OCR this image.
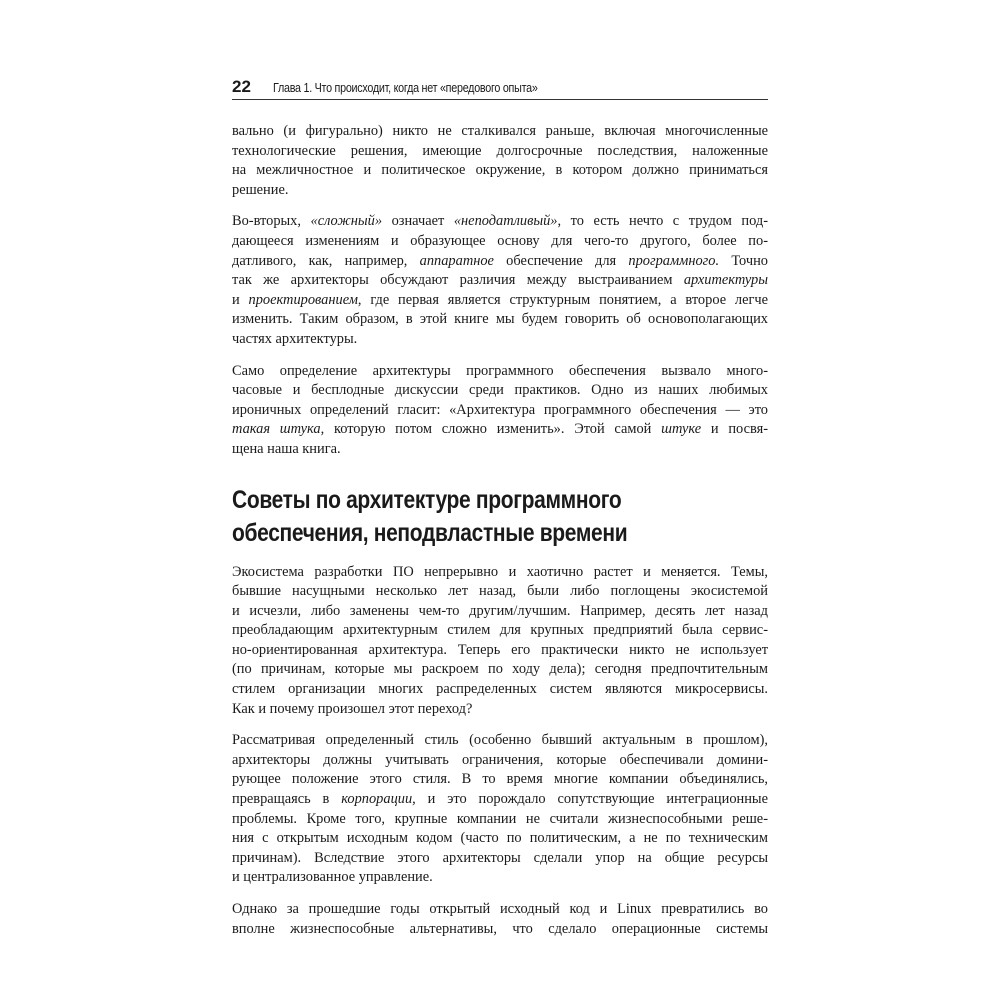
22 Глава 1. Что происходит, когда нет «передового опыта»

вально (и фигурально) никто не сталкивался раньше, включая многочисленные
технологические решения, имеющие долгосрочные последствия, наложенные
на межличностное и политическое окружение, в котором должно приниматься
решение.

Во-вторых, «сложный» означает «неподатливый», то есть нечто с трудом под-
дающееся изменениям и образующее основу для чего-то другого, более по-
датливого, как, например, аппаратное обеспечение для программного. Точно
так же архитекторы обсуждают различия между выстраиванием архитектуры
и проектированием, где первая является структурным понятием, а второе легче
изменить. Таким образом, в этой книге мы будем говорить об основополагающих
частях архитектуры.

Само определение архитектуры программного обеспечения вызвало много-
часовые и бесплодные дискуссии среди практиков. Одно из наших любимых
ироничных определений гласит: «Архитектура программного обеспечения — это
такая штука, которую потом сложно изменить». Этой самой штуке и посвя-
щена наша книга.

Советы по архитектуре программного
обеспечения, неподвластные времени

Экосистема разработки ПО непрерывно и хаотично растет и меняется. Темы,
бывшие насущными несколько лет назад, были либо поглощены экосистемой
и исчезли, либо заменены чем-то другим/лучшим. Например, десять лет назад
преобладающим архитектурным стилем для крупных предприятий была сервис-
но-ориентированная архитектура. Теперь его практически никто не использует
(по причинам, которые мы раскроем по ходу дела); сегодня предпочтительным
стилем организации многих распределенных систем являются микросервисы.
Как и почему произошел этот переход?

Рассматривая определенный стиль (особенно бывший актуальным в прошлом),
архитекторы должны учитывать ограничения, которые обеспечивали домини-
рующее положение этого стиля. В то время многие компании объединялись,
превращаясь в корпорации, и это порождало сопутствующие интеграционные
проблемы. Кроме того, крупные компании не считали жизнеспособными реше-
ния с открытым исходным кодом (часто по политическим, а не по техническим
причинам). Вследствие этого архитекторы сделали упор на общие ресурсы
и централизованное управление.

Однако за прошедшие годы открытый исходный код и Linux превратились во
вполне жизнеспособные альтернативы, что сделало операционные системы
